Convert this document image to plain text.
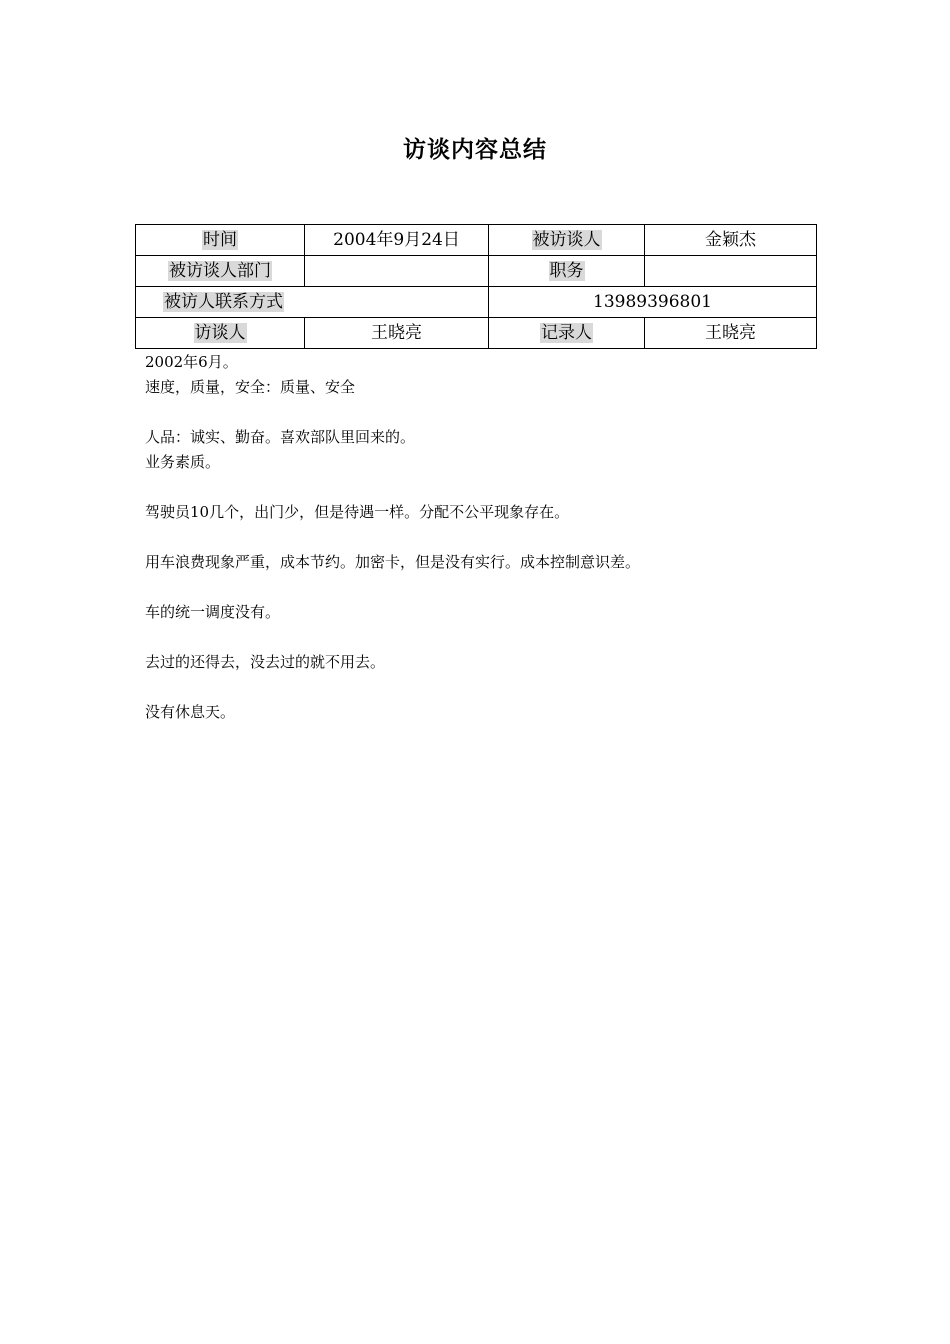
访谈内容总结
时间	2004年9月24日	被访谈人	金颖杰
被访谈人部门		职务	
被访人联系方式		13989396801	
访谈人	王晓亮	记录人	王晓亮

2002年6月。

速度，质量，安全：质量、安全

人品：诚实、勤奋。喜欢部队里回来的。

业务素质。

驾驶员10几个，出门少，但是待遇一样。分配不公平现象存在。

用车浪费现象严重，成本节约。加密卡，但是没有实行。成本控制意识差。

车的统一调度没有。

去过的还得去，没去过的就不用去。

没有休息天。
